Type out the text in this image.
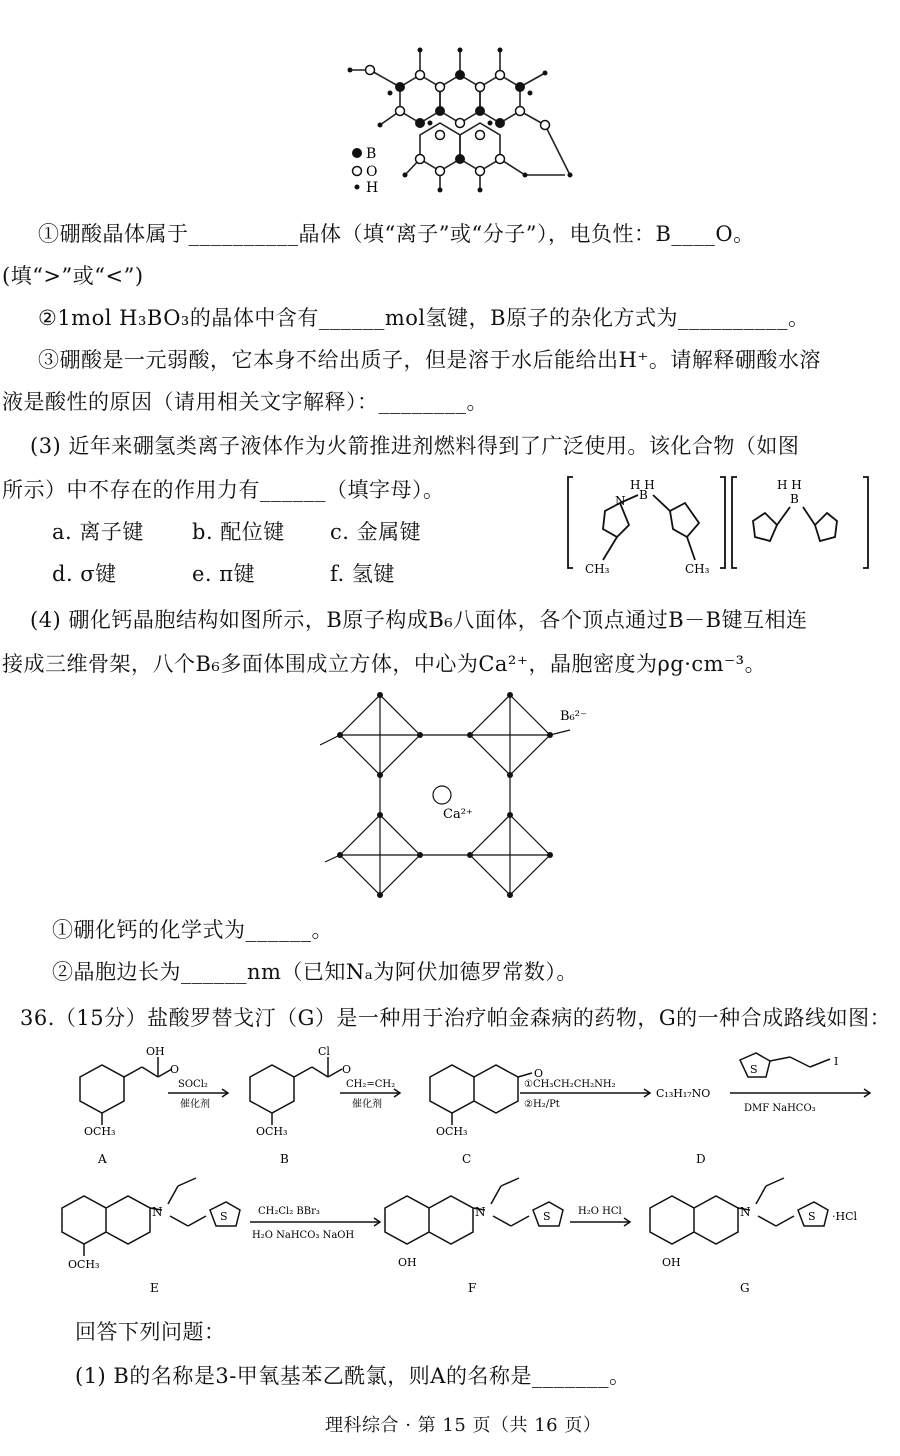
B
O
H
①硼酸晶体属于__________晶体（填“离子”或“分子”），电负性：B____O。
(填“>”或“<”)
②1mol H₃BO₃的晶体中含有______mol氢键，B原子的杂化方式为__________。
③硼酸是一元弱酸，它本身不给出质子，但是溶于水后能给出H⁺。请解释硼酸水溶
液是酸性的原因（请用相关文字解释）：________。
(3) 近年来硼氢类离子液体作为火箭推进剂燃料得到了广泛使用。该化合物（如图
所示）中不存在的作用力有______（填字母）。
a. 离子键 b. 配位键 c. 金属键
d. σ键	e. π键	f. 氢键
H H
B
N
CH₃	CH₃
H H
B
(4) 硼化钙晶胞结构如图所示，B原子构成B₆八面体，各个顶点通过B－B键互相连
接成三维骨架，八个B₆多面体围成立方体，中心为Ca²⁺，晶胞密度为ρg·cm⁻³。
Ca²⁺
B₆²⁻
①硼化钙的化学式为______。
②晶胞边长为______nm（已知Nₐ为阿伏加德罗常数）。
36.（15分）盐酸罗替戈汀（G）是一种用于治疗帕金森病的药物，G的一种合成路线如图：
OH
O
OCH₃
Cl
O
OCH₃
O
OCH₃
SOCl₂
催化剂
CH₂=CH₂
催化剂
①CH₃CH₂CH₂NH₂
②H₂/Pt
C₁₃H₁₇NO
S
I
DMF NaHCO₃
A	B	C	D
N	S
OCH₃
CH₂Cl₂ BBr₃
H₂O NaHCO₃ NaOH
N	S
OH
H₂O HCl	N	S ·HCl
OH
E	F	G
回答下列问题：
(1) B的名称是3-甲氧基苯乙酰氯，则A的名称是_______。
理科综合 · 第 15 页（共 16 页）
